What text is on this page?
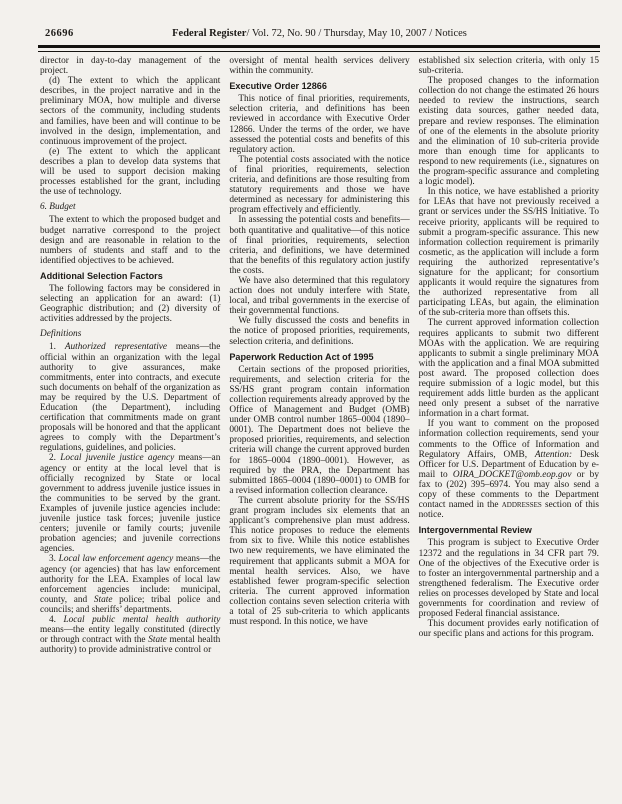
26696	Federal Register/ Vol. 72, No. 90 / Thursday, May 10, 2007 / Notices
director in day-to-day management of the project.
(d) The extent to which the applicant describes, in the project narrative and in the preliminary MOA, how multiple and diverse sectors of the community, including students and families, have been and will continue to be involved in the design, implementation, and continuous improvement of the project.
(e) The extent to which the applicant describes a plan to develop data systems that will be used to support decision making processes established for the grant, including the use of technology.
6. Budget
The extent to which the proposed budget and budget narrative correspond to the project design and are reasonable in relation to the numbers of students and staff and to the identified objectives to be achieved.
Additional Selection Factors
The following factors may be considered in selecting an application for an award: (1) Geographic distribution; and (2) diversity of activities addressed by the projects.
Definitions
1. Authorized representative means—the official within an organization with the legal authority to give assurances, make commitments, enter into contracts, and execute such documents on behalf of the organization as may be required by the U.S. Department of Education (the Department), including certification that commitments made on grant proposals will be honored and that the applicant agrees to comply with the Department’s regulations, guidelines, and policies.
2. Local juvenile justice agency means—an agency or entity at the local level that is officially recognized by State or local government to address juvenile justice issues in the communities to be served by the grant. Examples of juvenile justice agencies include: juvenile justice task forces; juvenile justice centers; juvenile or family courts; juvenile probation agencies; and juvenile corrections agencies.
3. Local law enforcement agency means—the agency (or agencies) that has law enforcement authority for the LEA. Examples of local law enforcement agencies include: municipal, county, and State police; tribal police and councils; and sheriffs’ departments.
4. Local public mental health authority means—the entity legally constituted (directly or through contract with the State mental health authority) to provide administrative control or
oversight of mental health services delivery within the community.
Executive Order 12866
This notice of final priorities, requirements, selection criteria, and definitions has been reviewed in accordance with Executive Order 12866. Under the terms of the order, we have assessed the potential costs and benefits of this regulatory action.
The potential costs associated with the notice of final priorities, requirements, selection criteria, and definitions are those resulting from statutory requirements and those we have determined as necessary for administering this program effectively and efficiently.
In assessing the potential costs and benefits—both quantitative and qualitative—of this notice of final priorities, requirements, selection criteria, and definitions, we have determined that the benefits of this regulatory action justify the costs.
We have also determined that this regulatory action does not unduly interfere with State, local, and tribal governments in the exercise of their governmental functions.
We fully discussed the costs and benefits in the notice of proposed priorities, requirements, selection criteria, and definitions.
Paperwork Reduction Act of 1995
Certain sections of the proposed priorities, requirements, and selection criteria for the SS/HS grant program contain information collection requirements already approved by the Office of Management and Budget (OMB) under OMB control number 1865–0004 (1890–0001). The Department does not believe the proposed priorities, requirements, and selection criteria will change the current approved burden for 1865–0004 (1890–0001). However, as required by the PRA, the Department has submitted 1865–0004 (1890–0001) to OMB for a revised information collection clearance.
The current absolute priority for the SS/HS grant program includes six elements that an applicant’s comprehensive plan must address. This notice proposes to reduce the elements from six to five. While this notice establishes two new requirements, we have eliminated the requirement that applicants submit a MOA for mental health services. Also, we have established fewer program-specific selection criteria. The current approved information collection contains seven selection criteria with a total of 25 sub-criteria to which applicants must respond. In this notice, we have
established six selection criteria, with only 15 sub-criteria.
The proposed changes to the information collection do not change the estimated 26 hours needed to review the instructions, search existing data sources, gather needed data, prepare and review responses. The elimination of one of the elements in the absolute priority and the elimination of 10 sub-criteria provide more than enough time for applicants to respond to new requirements (i.e., signatures on the program-specific assurance and completing a logic model).
In this notice, we have established a priority for LEAs that have not previously received a grant or services under the SS/HS Initiative. To receive priority, applicants will be required to submit a program-specific assurance. This new information collection requirement is primarily cosmetic, as the application will include a form requiring the authorized representative’s signature for the applicant; for consortium applicants it would require the signatures from the authorized representative from all participating LEAs, but again, the elimination of the sub-criteria more than offsets this.
The current approved information collection requires applicants to submit two different MOAs with the application. We are requiring applicants to submit a single preliminary MOA with the application and a final MOA submitted post award. The proposed collection does require submission of a logic model, but this requirement adds little burden as the applicant need only present a subset of the narrative information in a chart format.
If you want to comment on the proposed information collection requirements, send your comments to the Office of Information and Regulatory Affairs, OMB, Attention: Desk Officer for U.S. Department of Education by e-mail to OIRA_DOCKET@omb.eop.gov or by fax to (202) 395–6974. You may also send a copy of these comments to the Department contact named in the addresses section of this notice.
Intergovernmental Review
This program is subject to Executive Order 12372 and the regulations in 34 CFR part 79. One of the objectives of the Executive order is to foster an intergovernmental partnership and a strengthened federalism. The Executive order relies on processes developed by State and local governments for coordination and review of proposed Federal financial assistance.
This document provides early notification of our specific plans and actions for this program.
